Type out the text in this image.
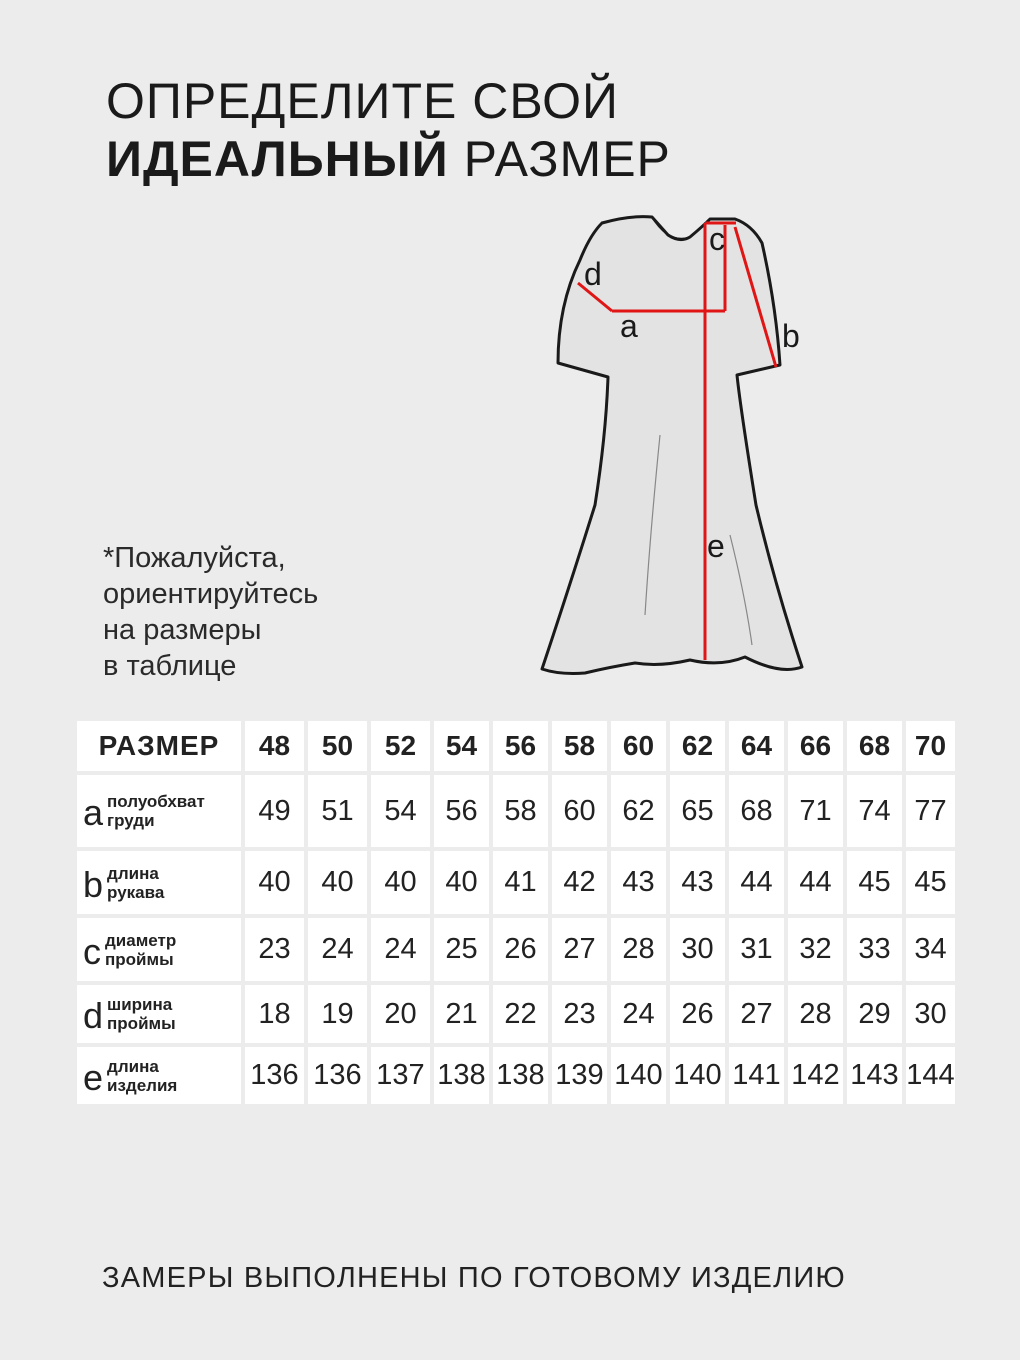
ОПРЕДЕЛИТЕ СВОЙ
ИДЕАЛЬНЫЙ РАЗМЕР
*Пожалуйста,
ориентируйтесь
на размеры
в таблице
a	b
c
d
e
РАЗМЕР	48	50	52	54	56	58	60	62	64	66	68	70

a полуобхват
груди	49	51	54	56	58	60	62	65	68	71	74	77

b длина
рукава	40	40	40	40	41	42	43	43	44	44	45	45

c диаметр
проймы	23	24	24	25	26	27	28	30	31	32	33	34

d ширина
проймы	18	19	20	21	22	23	24	26	27	28	29	30

e длина
изделия	136	136	137	138	138	139	140	140	141	142	143	144
ЗАМЕРЫ ВЫПОЛНЕНЫ ПО ГОТОВОМУ ИЗДЕЛИЮ
